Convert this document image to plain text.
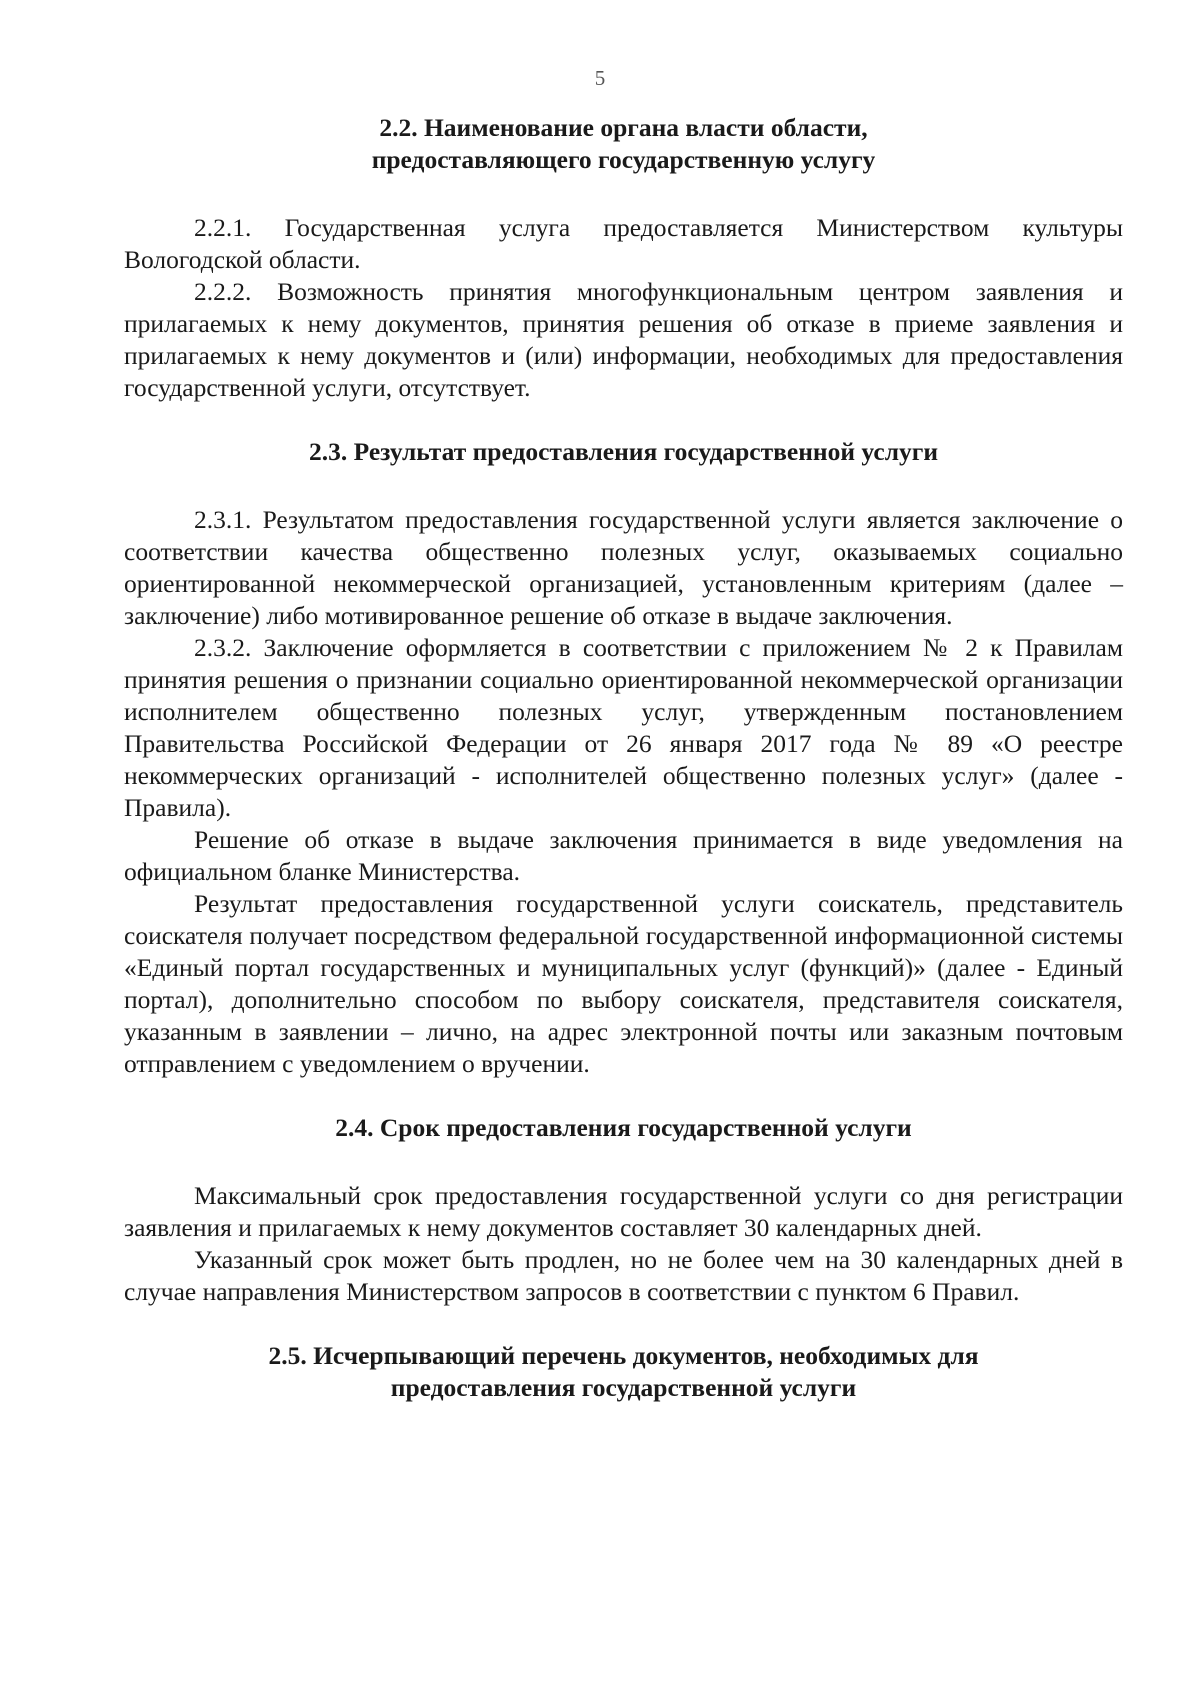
5
2.2. Наименование органа власти области,
предоставляющего государственную услугу

2.2.1. Государственная услуга предоставляется Министерством культуры Вологодской области.

2.2.2. Возможность принятия многофункциональным центром заявления и прилагаемых к нему документов, принятия решения об отказе в приеме заявления и прилагаемых к нему документов и (или) информации, необходимых для предоставления государственной услуги, отсутствует.

2.3. Результат предоставления государственной услуги

2.3.1. Результатом предоставления государственной услуги является заключение о соответствии качества общественно полезных услуг, оказываемых социально ориентированной некоммерческой организацией, установленным критериям (далее – заключение) либо мотивированное решение об отказе в выдаче заключения.

2.3.2. Заключение оформляется в соответствии с приложением № 2 к Правилам принятия решения о признании социально ориентированной некоммерческой организации исполнителем общественно полезных услуг, утвержденным постановлением Правительства Российской Федерации от 26 января 2017 года № 89 «О реестре некоммерческих организаций - исполнителей общественно полезных услуг» (далее - Правила).

Решение об отказе в выдаче заключения принимается в виде уведомления на официальном бланке Министерства.

Результат предоставления государственной услуги соискатель, представитель соискателя получает посредством федеральной государственной информационной системы «Единый портал государственных и муниципальных услуг (функций)» (далее - Единый портал), дополнительно способом по выбору соискателя, представителя соискателя, указанным в заявлении – лично, на адрес электронной почты или заказным почтовым отправлением с уведомлением о вручении.

2.4. Срок предоставления государственной услуги

Максимальный срок предоставления государственной услуги со дня регистрации заявления и прилагаемых к нему документов составляет 30 календарных дней.

Указанный срок может быть продлен, но не более чем на 30 календарных дней в случае направления Министерством запросов в соответствии с пунктом 6 Правил.

2.5. Исчерпывающий перечень документов, необходимых для
предоставления государственной услуги
